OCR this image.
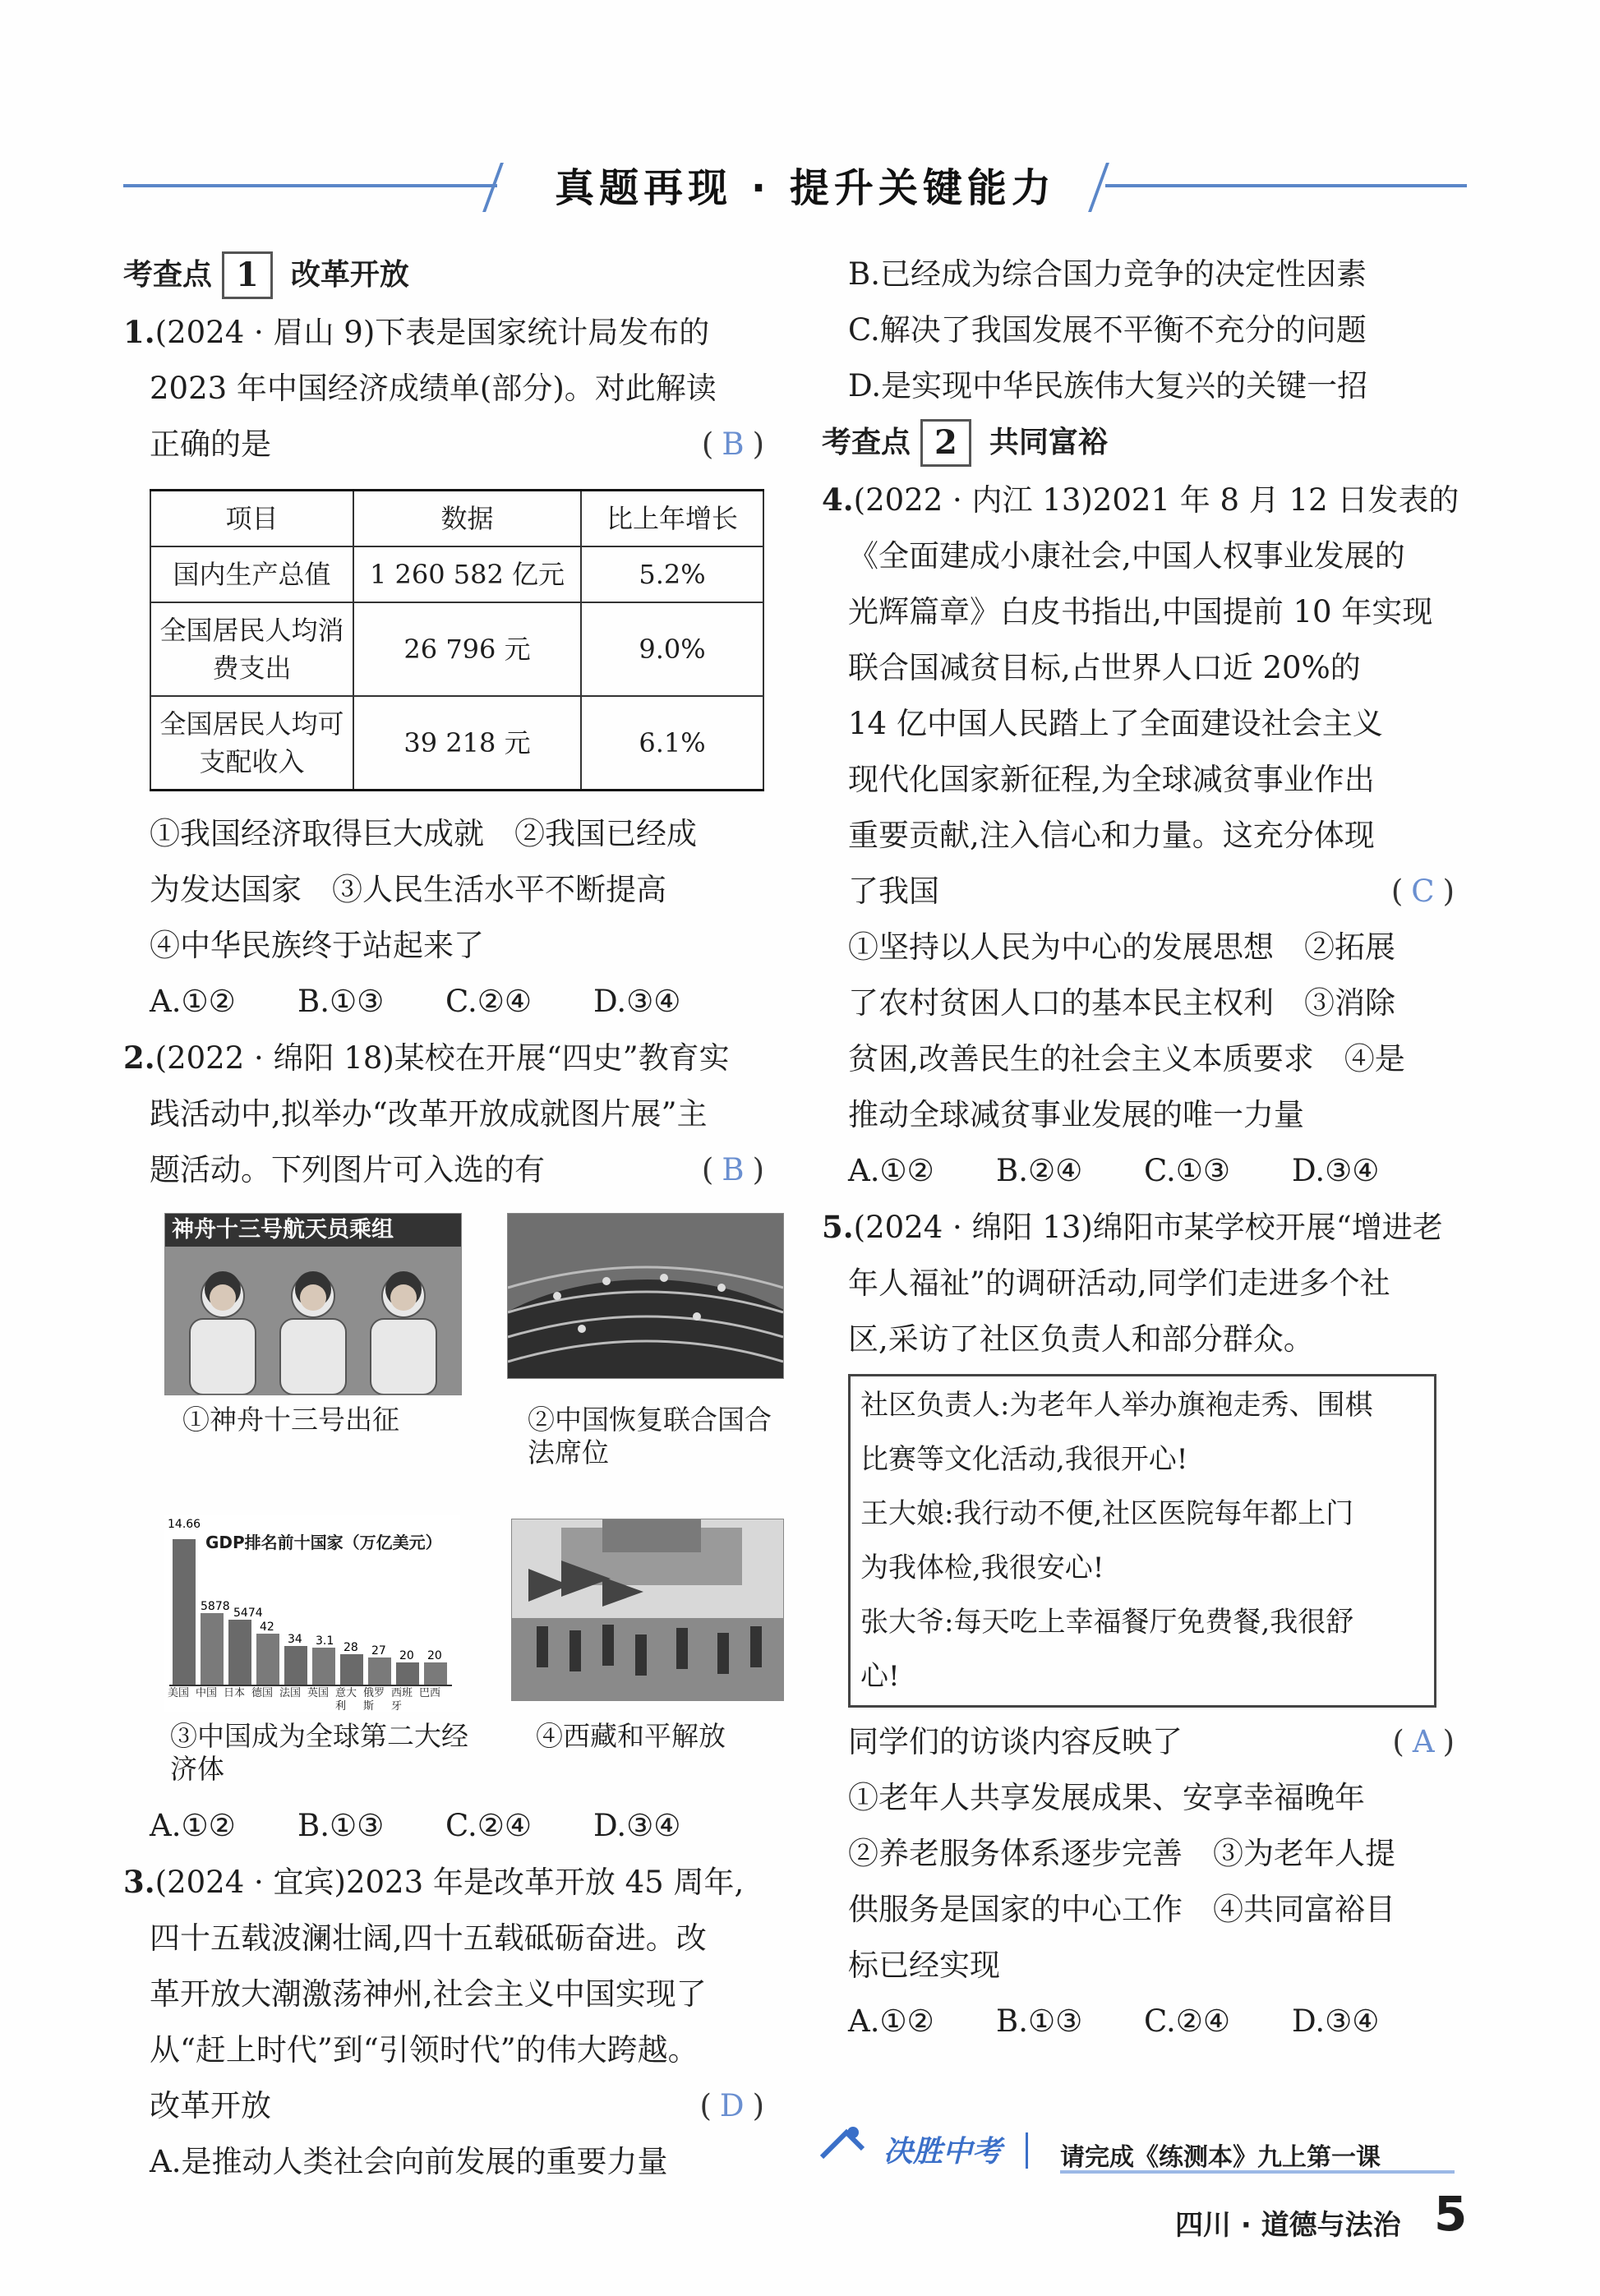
真题再现 · 提升关键能力
考查点 1	改革开放

1.(2024 · 眉山 9)下表是国家统计局发布的

2023 年中国经济成绩单(部分)。对此解读

正确的是	(B)

项目	数据	比上年增长
国内生产总值	1 260 582 亿元	5.2%
全国居民人均消费支出	26 796 元	9.0%
全国居民人均可支配收入	39 218 元	6.1%

①我国经济取得巨大成就　②我国已经成

为发达国家　③人民生活水平不断提高

④中华民族终于站起来了

A.①②	B.①③	C.②④	D.③④

2.(2022 · 绵阳 18)某校在开展“四史”教育实

践活动中,拟举办“改革开放成就图片展”主

题活动。下列图片可入选的有	(B)

神舟十三号航天员乘组
①神舟十三号出征	②中国恢复联合国合法席位
GDP排名前十国家（万亿美元）
14.66
5878 5474
42
34 3.1 28 27 20 20
美国 中国 日本 德国 法国 英国 意大利
俄罗斯
西班牙
巴西
③中国成为全球第二大经济体
④西藏和平解放
A.①②	B.①③	C.②④	D.③④

3.(2024 · 宜宾)2023 年是改革开放 45 周年,

四十五载波澜壮阔,四十五载砥砺奋进。改

革开放大潮激荡神州,社会主义中国实现了

从“赶上时代”到“引领时代”的伟大跨越。

改革开放	(D)

A.是推动人类社会向前发展的重要力量

B.已经成为综合国力竞争的决定性因素

C.解决了我国发展不平衡不充分的问题

D.是实现中华民族伟大复兴的关键一招

考查点 2	共同富裕

4.(2022 · 内江 13)2021 年 8 月 12 日发表的

《全面建成小康社会,中国人权事业发展的

光辉篇章》白皮书指出,中国提前 10 年实现

联合国减贫目标,占世界人口近 20%的

14 亿中国人民踏上了全面建设社会主义

现代化国家新征程,为全球减贫事业作出

重要贡献,注入信心和力量。这充分体现

了我国	(C)

①坚持以人民为中心的发展思想　②拓展

了农村贫困人口的基本民主权利　③消除

贫困,改善民生的社会主义本质要求　④是

推动全球减贫事业发展的唯一力量

A.①②	B.②④	C.①③	D.③④

5.(2024 · 绵阳 13)绵阳市某学校开展“增进老

年人福祉”的调研活动,同学们走进多个社

区,采访了社区负责人和部分群众。

社区负责人:为老年人举办旗袍走秀、围棋
比赛等文化活动,我很开心!
王大娘:我行动不便,社区医院每年都上门
为我体检,我很安心!
张大爷:每天吃上幸福餐厅免费餐,我很舒
心!

同学们的访谈内容反映了	(A)

①老年人共享发展成果、安享幸福晚年

②养老服务体系逐步完善　③为老年人提

供服务是国家的中心工作　④共同富裕目

标已经实现

A.①②	B.①③	C.②④	D.③④
决胜中考 请完成《练测本》九上第一课
四川 · 道德与法治 5
